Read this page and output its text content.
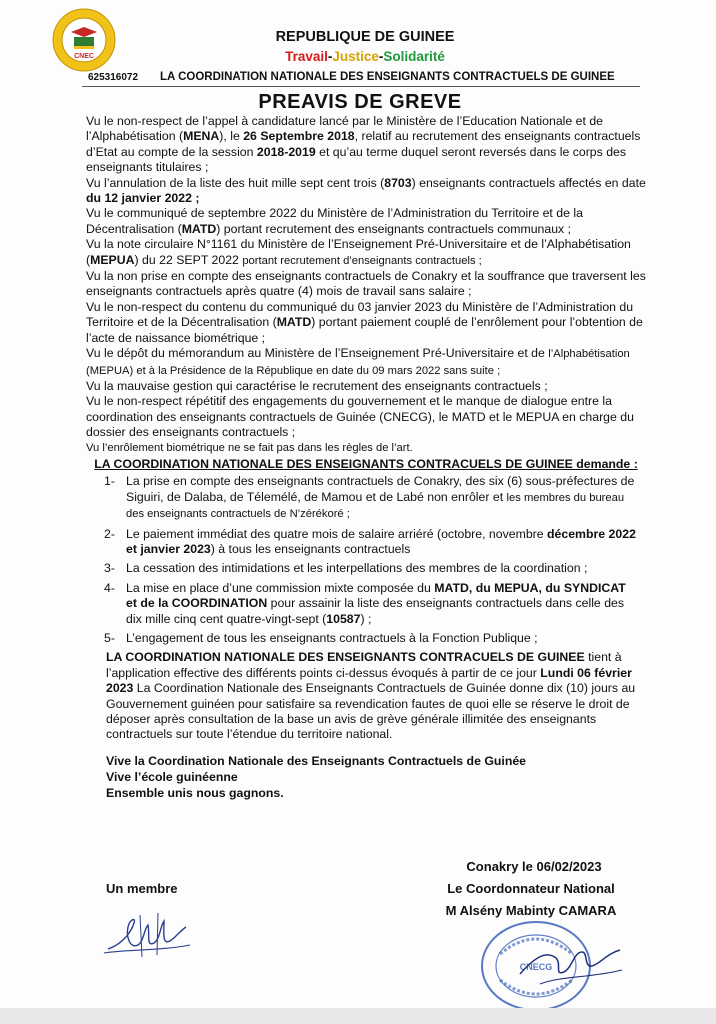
CNEC
625316072
REPUBLIQUE DE GUINEE
Travail-Justice-Solidarité
LA COORDINATION NATIONALE DES ENSEIGNANTS CONTRACTUELS DE GUINEE
PREAVIS DE GREVE

Vu le non-respect de l’appel à candidature lancé par le Ministère de l’Education Nationale et de l’Alphabétisation (MENA), le 26 Septembre 2018, relatif au recrutement des enseignants contractuels d’Etat au compte de la session 2018-2019 et qu’au terme duquel seront reversés dans le corps des enseignants titulaires ;

Vu l’annulation de la liste des huit mille sept cent trois (8703) enseignants contractuels affectés en date du 12 janvier 2022 ;

Vu le communiqué de septembre 2022 du Ministère de l’Administration du Territoire et de la Décentralisation (MATD) portant recrutement des enseignants contractuels communaux ;

Vu la note circulaire N°1161 du Ministère de l’Enseignement Pré-Universitaire et de l’Alphabétisation (MEPUA) du 22 SEPT 2022 portant recrutement d’enseignants contractuels ;

Vu la non prise en compte des enseignants contractuels de Conakry et la souffrance que traversent les enseignants contractuels après quatre (4) mois de travail sans salaire ;

Vu le non-respect du contenu du communiqué du 03 janvier 2023 du Ministère de l’Administration du Territoire et de la Décentralisation (MATD) portant paiement couplé de l’enrôlement pour l’obtention de l’acte de naissance biométrique ;

Vu le dépôt du mémorandum au Ministère de l’Enseignement Pré-Universitaire et de l’Alphabétisation (MEPUA) et à la Présidence de la République en date du 09 mars 2022 sans suite ;

Vu la mauvaise gestion qui caractérise le recrutement des enseignants contractuels ;

Vu le non-respect répétitif des engagements du gouvernement et le manque de dialogue entre la coordination des enseignants contractuels de Guinée (CNECG), le MATD et le MEPUA en charge du dossier des enseignants contractuels ;

Vu l’enrôlement biométrique ne se fait pas dans les règles de l’art.

LA COORDINATION NATIONALE DES ENSEIGNANTS CONTRACUELS DE GUINEE demande :

1- La prise en compte des enseignants contractuels de Conakry, des six (6) sous-préfectures de Siguiri, de Dalaba, de Télemélé, de Mamou et de Labé non enrôler et les membres du bureau des enseignants contractuels de N’zérékoré ;
2- Le paiement immédiat des quatre mois de salaire arriéré (octobre, novembre décembre 2022 et janvier 2023) à tous les enseignants contractuels
3- La cessation des intimidations et les interpellations des membres de la coordination ;
4- La mise en place d’une commission mixte composée du MATD, du MEPUA, du SYNDICAT et de la COORDINATION pour assainir la liste des enseignants contractuels dans celle des dix mille cinq cent quatre-vingt-sept (10587) ;
5- L’engagement de tous les enseignants contractuels à la Fonction Publique ;

LA COORDINATION NATIONALE DES ENSEIGNANTS CONTRACUELS DE GUINEE tient à l’application effective des différents points ci-dessus évoqués à partir de ce jour Lundi 06 février 2023 La Coordination Nationale des Enseignants Contractuels de Guinée donne dix (10) jours au Gouvernement guinéen pour satisfaire sa revendication fautes de quoi elle se réserve le droit de déposer après consultation de la base un avis de grève générale illimitée des enseignants contractuels sur toute l’étendue du territoire national.

Vive la Coordination Nationale des Enseignants Contractuels de Guinée
Vive l’école guinéenne
Ensemble unis nous gagnons.

Conakry le 06/02/2023
Un membre	Le Coordonnateur National
M Alsény Mabinty CAMARA
CNECG
